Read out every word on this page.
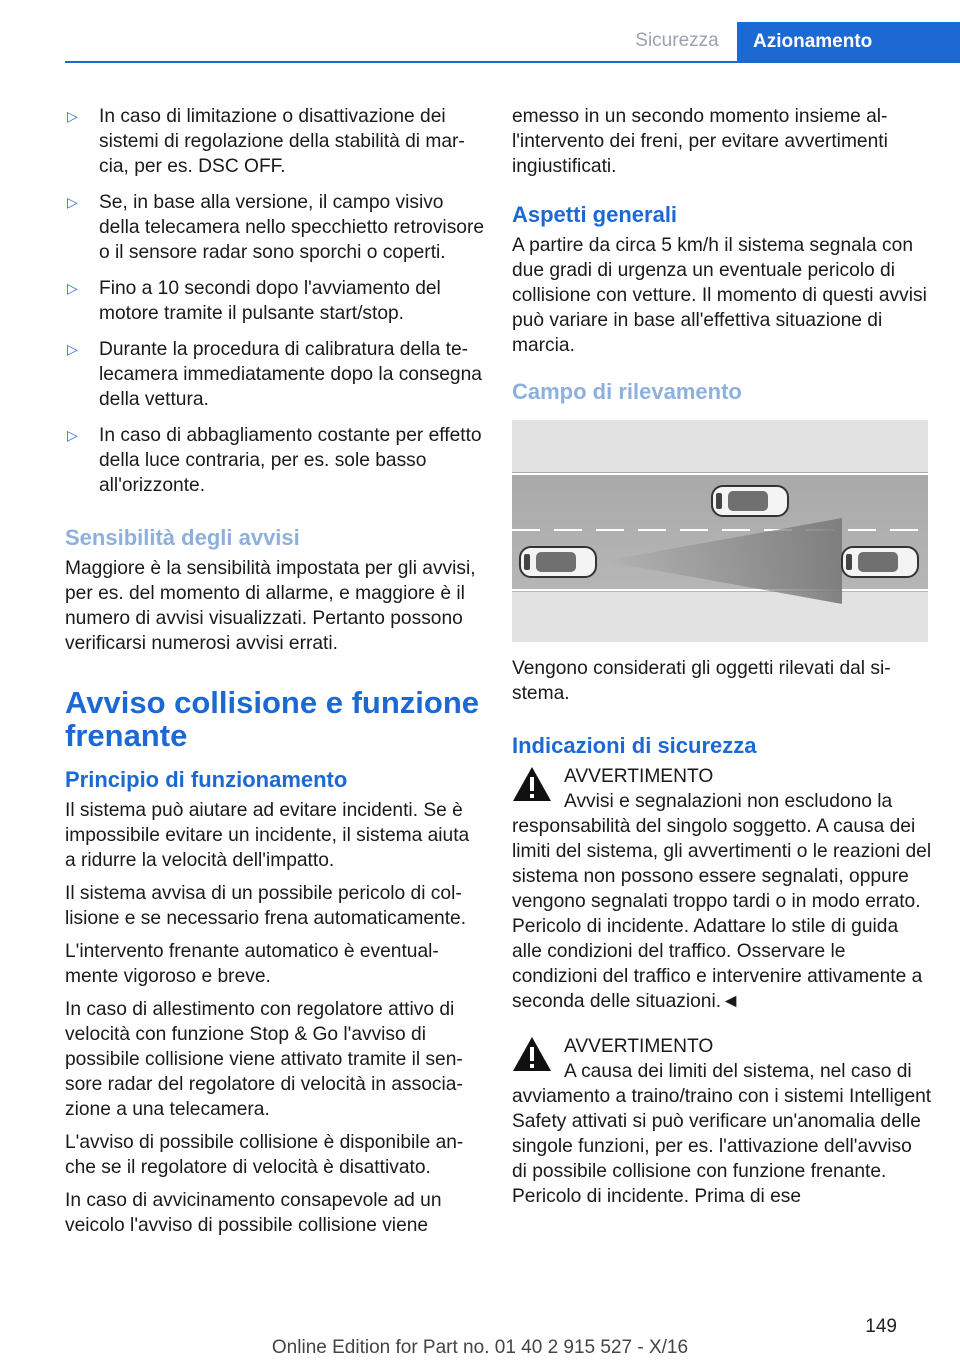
Sicurezza	Azionamento
▷ In caso di limitazione o disattivazione dei sistemi di regolazione della stabilità di marcia, per es. DSC OFF.
▷ Se, in base alla versione, il campo visivo della telecamera nello specchietto retrovisore o il sensore radar sono sporchi o coperti.
▷ Fino a 10 secondi dopo l'avviamento del motore tramite il pulsante start/stop.
▷ Durante la procedura di calibratura della telecamera immediatamente dopo la consegna della vettura.
▷ In caso di abbagliamento costante per effetto della luce contraria, per es. sole basso all'orizzonte.
Sensibilità degli avvisi

Maggiore è la sensibilità impostata per gli avvisi, per es. del momento di allarme, e maggiore è il numero di avvisi visualizzati. Pertanto possono verificarsi numerosi avvisi errati.

Avviso collisione e funzione frenante
Principio di funzionamento

Il sistema può aiutare ad evitare incidenti. Se è impossibile evitare un incidente, il sistema aiuta a ridurre la velocità dell'impatto.

Il sistema avvisa di un possibile pericolo di collisione e se necessario frena automaticamente.

L'intervento frenante automatico è eventualmente vigoroso e breve.

In caso di allestimento con regolatore attivo di velocità con funzione Stop & Go l'avviso di possibile collisione viene attivato tramite il sensore radar del regolatore di velocità in associazione a una telecamera.

L'avviso di possibile collisione è disponibile anche se il regolatore di velocità è disattivato.

In caso di avvicinamento consapevole ad un veicolo l'avviso di possibile collisione viene

emesso in un secondo momento insieme all'intervento dei freni, per evitare avvertimenti ingiustificati.

Aspetti generali

A partire da circa 5 km/h il sistema segnala con due gradi di urgenza un eventuale pericolo di collisione con vetture. Il momento di questi avvisi può variare in base all'effettiva situazione di marcia.

Campo di rilevamento

Vengono considerati gli oggetti rilevati dal sistema.

Indicazioni di sicurezza
AVVERTIMENTO
Avvisi e segnalazioni non escludono la

responsabilità del singolo soggetto. A causa dei limiti del sistema, gli avvertimenti o le reazioni del sistema non possono essere segnalati, oppure vengono segnalati troppo tardi o in modo errato. Pericolo di incidente. Adattare lo stile di guida alle condizioni del traffico. Osservare le condizioni del traffico e intervenire attivamente a seconda delle situazioni.◄

AVVERTIMENTO
A causa dei limiti del sistema, nel caso di

avviamento a traino/traino con i sistemi Intelligent Safety attivati si può verificare un'anomalia delle singole funzioni, per es. l'attivazione dell'avviso di possibile collisione con funzione frenante. Pericolo di incidente. Prima di ese

149
Online Edition for Part no. 01 40 2 915 527 - X/16
